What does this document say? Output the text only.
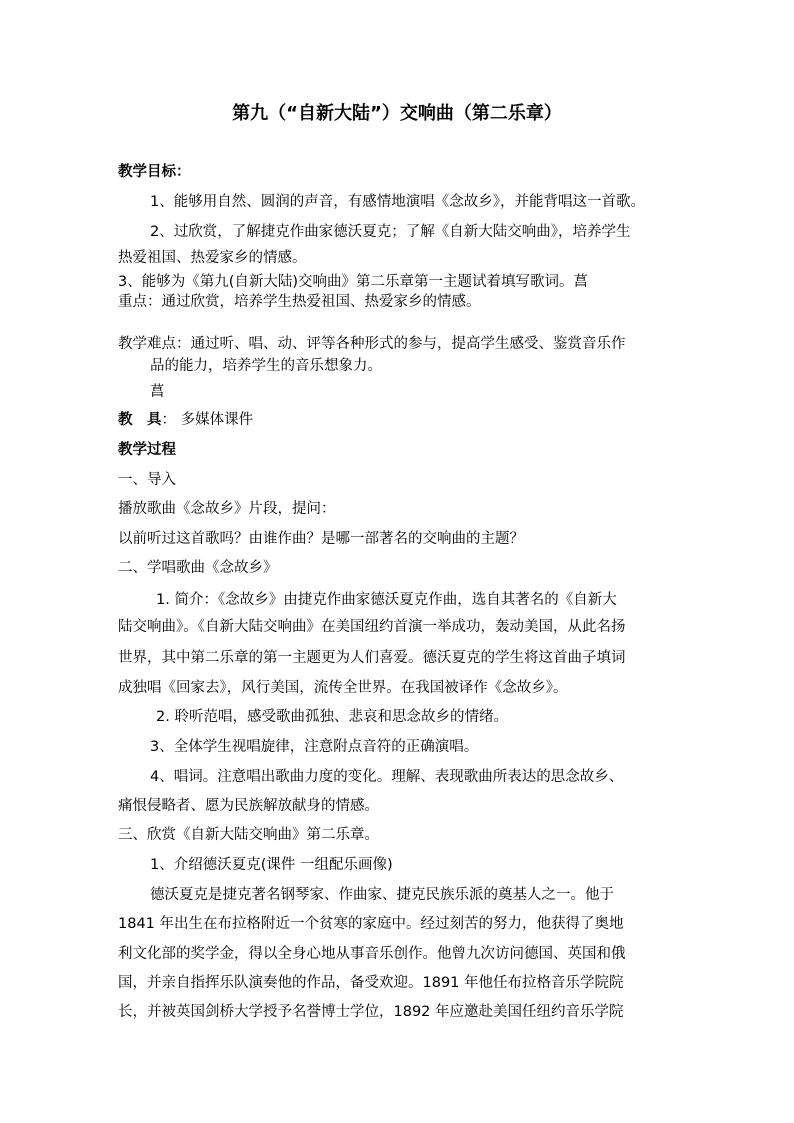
第九（“自新大陆”）交响曲（第二乐章）
教学目标：
1、能够用自然、圆润的声音，有感情地演唱《念故乡》，并能背唱这一首歌。
2、过欣赏，了解捷克作曲家德沃夏克；了解《自新大陆交响曲》，培养学生
热爱祖国、热爱家乡的情感。
3、能够为《第九(自新大陆)交响曲》第二乐章第一主题试着填写歌词。菖
重点：通过欣赏，培养学生热爱祖国、热爱家乡的情感。
教学难点：通过听、唱、动、评等各种形式的参与，提高学生感受、鉴赏音乐作
品的能力，培养学生的音乐想象力。
菖
教　具： 多媒体课件
教学过程
一、导入
播放歌曲《念故乡》片段，提问：
以前听过这首歌吗？由谁作曲？是哪一部著名的交响曲的主题？
二、学唱歌曲《念故乡》
1. 简介：《念故乡》由捷克作曲家德沃夏克作曲，选自其著名的《自新大
陆交响曲》。《自新大陆交响曲》在美国纽约首演一举成功，轰动美国，从此名扬
世界，其中第二乐章的第一主题更为人们喜爱。德沃夏克的学生将这首曲子填词
成独唱《回家去》，风行美国，流传全世界。在我国被译作《念故乡》。
2. 聆听范唱，感受歌曲孤独、悲哀和思念故乡的情绪。
3、全体学生视唱旋律，注意附点音符的正确演唱。
4、唱词。注意唱出歌曲力度的变化。理解、表现歌曲所表达的思念故乡、
痛恨侵略者、愿为民族解放献身的情感。
三、欣赏《自新大陆交响曲》第二乐章。
1、介绍德沃夏克(课件 一组配乐画像)
德沃夏克是捷克著名钢琴家、作曲家、捷克民族乐派的奠基人之一。他于
1841 年出生在布拉格附近一个贫寒的家庭中。经过刻苦的努力，他获得了奥地
利文化部的奖学金，得以全身心地从事音乐创作。他曾九次访问德国、英国和俄
国，并亲自指挥乐队演奏他的作品，备受欢迎。1891 年他任布拉格音乐学院院
长，并被英国剑桥大学授予名誉博士学位，1892 年应邀赴美国任纽约音乐学院
